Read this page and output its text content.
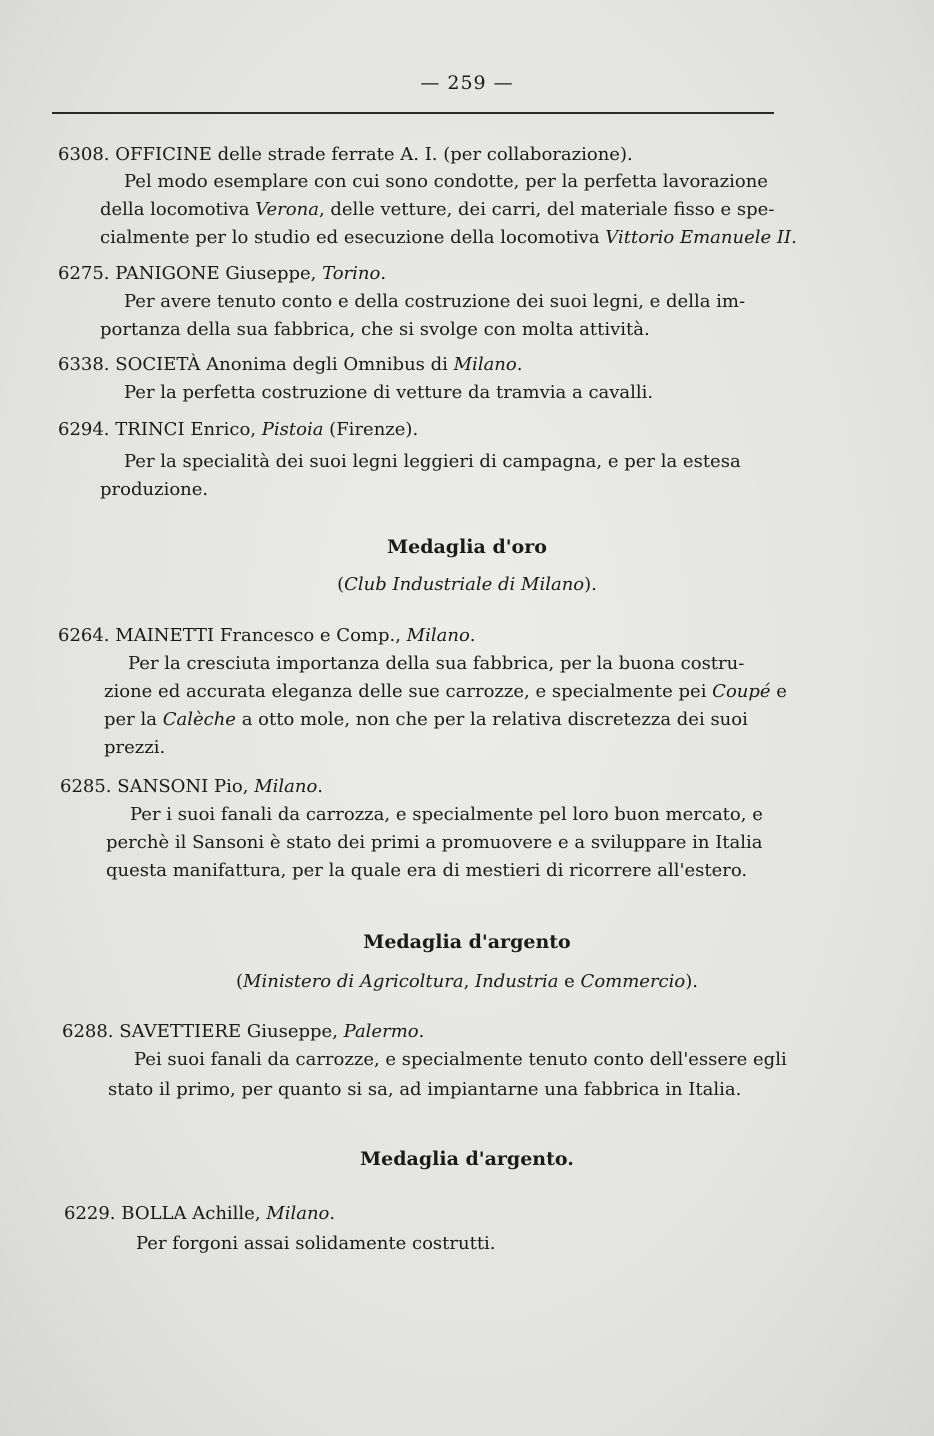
— 259 —
6308. OFFICINE delle strade ferrate A. I. (per collaborazione).
Pel modo esemplare con cui sono condotte, per la perfetta lavorazione
della locomotiva Verona, delle vetture, dei carri, del materiale fisso e spe-
cialmente per lo studio ed esecuzione della locomotiva Vittorio Emanuele II.
6275. PANIGONE Giuseppe, Torino.
Per avere tenuto conto e della costruzione dei suoi legni, e della im-
portanza della sua fabbrica, che si svolge con molta attività.
6338. SOCIETÀ Anonima degli Omnibus di Milano.
Per la perfetta costruzione di vetture da tramvia a cavalli.
6294. TRINCI Enrico, Pistoia (Firenze).
Per la specialità dei suoi legni leggieri di campagna, e per la estesa
produzione.
Medaglia d'oro
(Club Industriale di Milano).
6264. MAINETTI Francesco e Comp., Milano.
Per la cresciuta importanza della sua fabbrica, per la buona costru-
zione ed accurata eleganza delle sue carrozze, e specialmente pei Coupé e
per la Calèche a otto mole, non che per la relativa discretezza dei suoi
prezzi.
6285. SANSONI Pio, Milano.
Per i suoi fanali da carrozza, e specialmente pel loro buon mercato, e
perchè il Sansoni è stato dei primi a promuovere e a sviluppare in Italia
questa manifattura, per la quale era di mestieri di ricorrere all'estero.
Medaglia d'argento
(Ministero di Agricoltura, Industria e Commercio).
6288. SAVETTIERE Giuseppe, Palermo.
Pei suoi fanali da carrozze, e specialmente tenuto conto dell'essere egli
stato il primo, per quanto si sa, ad impiantarne una fabbrica in Italia.
Medaglia d'argento.
6229. BOLLA Achille, Milano.
Per forgoni assai solidamente costrutti.
